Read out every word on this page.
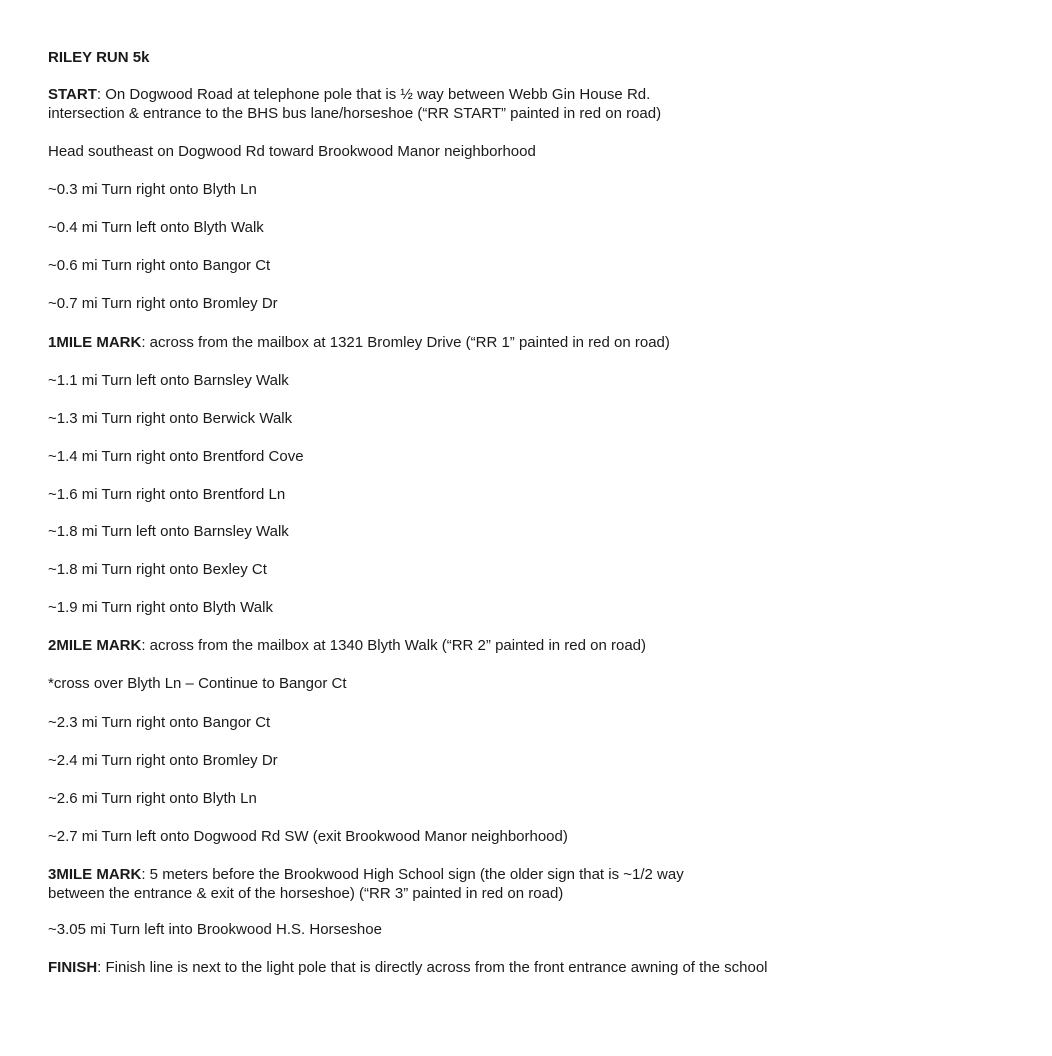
RILEY RUN 5k
START: On Dogwood Road at telephone pole that is ½ way between Webb Gin House Rd. intersection & entrance to the BHS bus lane/horseshoe (“RR START” painted in red on road)
Head southeast on Dogwood Rd toward Brookwood Manor neighborhood
~0.3 mi Turn right onto Blyth Ln
~0.4 mi Turn left onto Blyth Walk
~0.6 mi Turn right onto Bangor Ct
~0.7 mi Turn right onto Bromley Dr
1MILE MARK: across from the mailbox at 1321 Bromley Drive (“RR 1” painted in red on road)
~1.1 mi Turn left onto Barnsley Walk
~1.3 mi Turn right onto Berwick Walk
~1.4 mi Turn right onto Brentford Cove
~1.6 mi Turn right onto Brentford Ln
~1.8 mi Turn left onto Barnsley Walk
~1.8 mi Turn right onto Bexley Ct
~1.9 mi Turn right onto Blyth Walk
2MILE MARK: across from the mailbox at 1340 Blyth Walk (“RR 2” painted in red on road)
*cross over Blyth Ln – Continue to Bangor Ct
~2.3 mi Turn right onto Bangor Ct
~2.4 mi Turn right onto Bromley Dr
~2.6 mi Turn right onto Blyth Ln
~2.7 mi Turn left onto Dogwood Rd SW (exit Brookwood Manor neighborhood)
3MILE MARK: 5 meters before the Brookwood High School sign (the older sign that is ~1/2 way between the entrance & exit of the horseshoe) (“RR 3” painted in red on road)
~3.05 mi Turn left into Brookwood H.S. Horseshoe
FINISH: Finish line is next to the light pole that is directly across from the front entrance awning of the school
